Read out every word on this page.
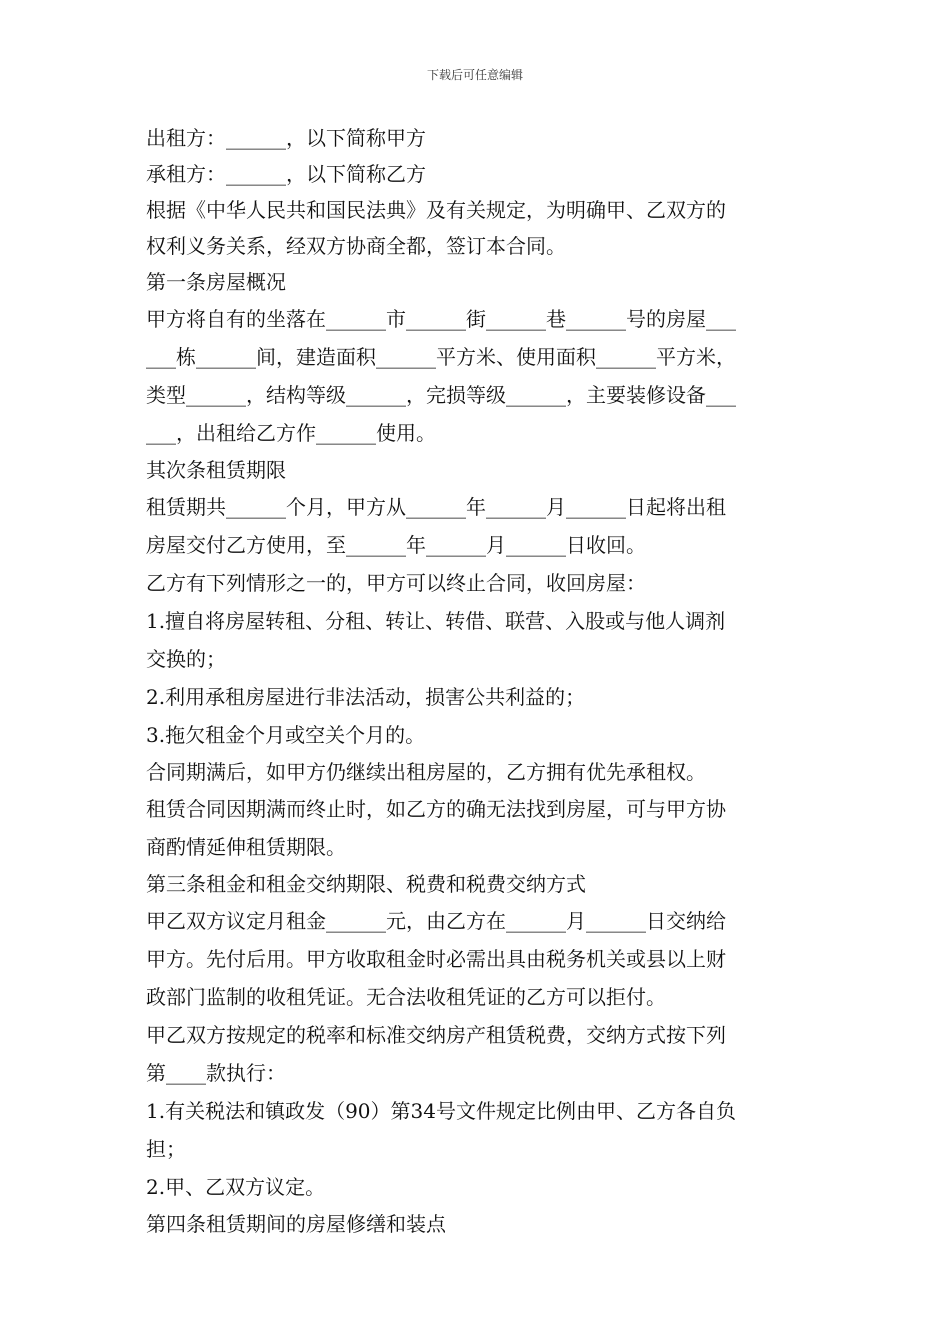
下载后可任意编辑
出租方：______，以下简称甲方
承租方：______，以下简称乙方
根据《中华人民共和国民法典》及有关规定，为明确甲、乙双方的
权利义务关系，经双方协商全都，签订本合同。
第一条房屋概况
甲方将自有的坐落在______市______街______巷______号的房屋___
___栋______间，建造面积______平方米、使用面积______平方米，
类型______，结构等级______，完损等级______，主要装修设备___
___，出租给乙方作______使用。
其次条租赁期限
租赁期共______个月，甲方从______年______月______日起将出租
房屋交付乙方使用，至______年______月______日收回。
乙方有下列情形之一的，甲方可以终止合同，收回房屋：
1.擅自将房屋转租、分租、转让、转借、联营、入股或与他人调剂
交换的；
2.利用承租房屋进行非法活动，损害公共利益的；
3.拖欠租金个月或空关个月的。
合同期满后，如甲方仍继续出租房屋的，乙方拥有优先承租权。
租赁合同因期满而终止时，如乙方的确无法找到房屋，可与甲方协
商酌情延伸租赁期限。
第三条租金和租金交纳期限、税费和税费交纳方式
甲乙双方议定月租金______元，由乙方在______月______日交纳给
甲方。先付后用。甲方收取租金时必需出具由税务机关或县以上财
政部门监制的收租凭证。无合法收租凭证的乙方可以拒付。
甲乙双方按规定的税率和标准交纳房产租赁税费，交纳方式按下列
第____款执行：
1.有关税法和镇政发（90）第34号文件规定比例由甲、乙方各自负
担；
2.甲、乙双方议定。
第四条租赁期间的房屋修缮和装点
